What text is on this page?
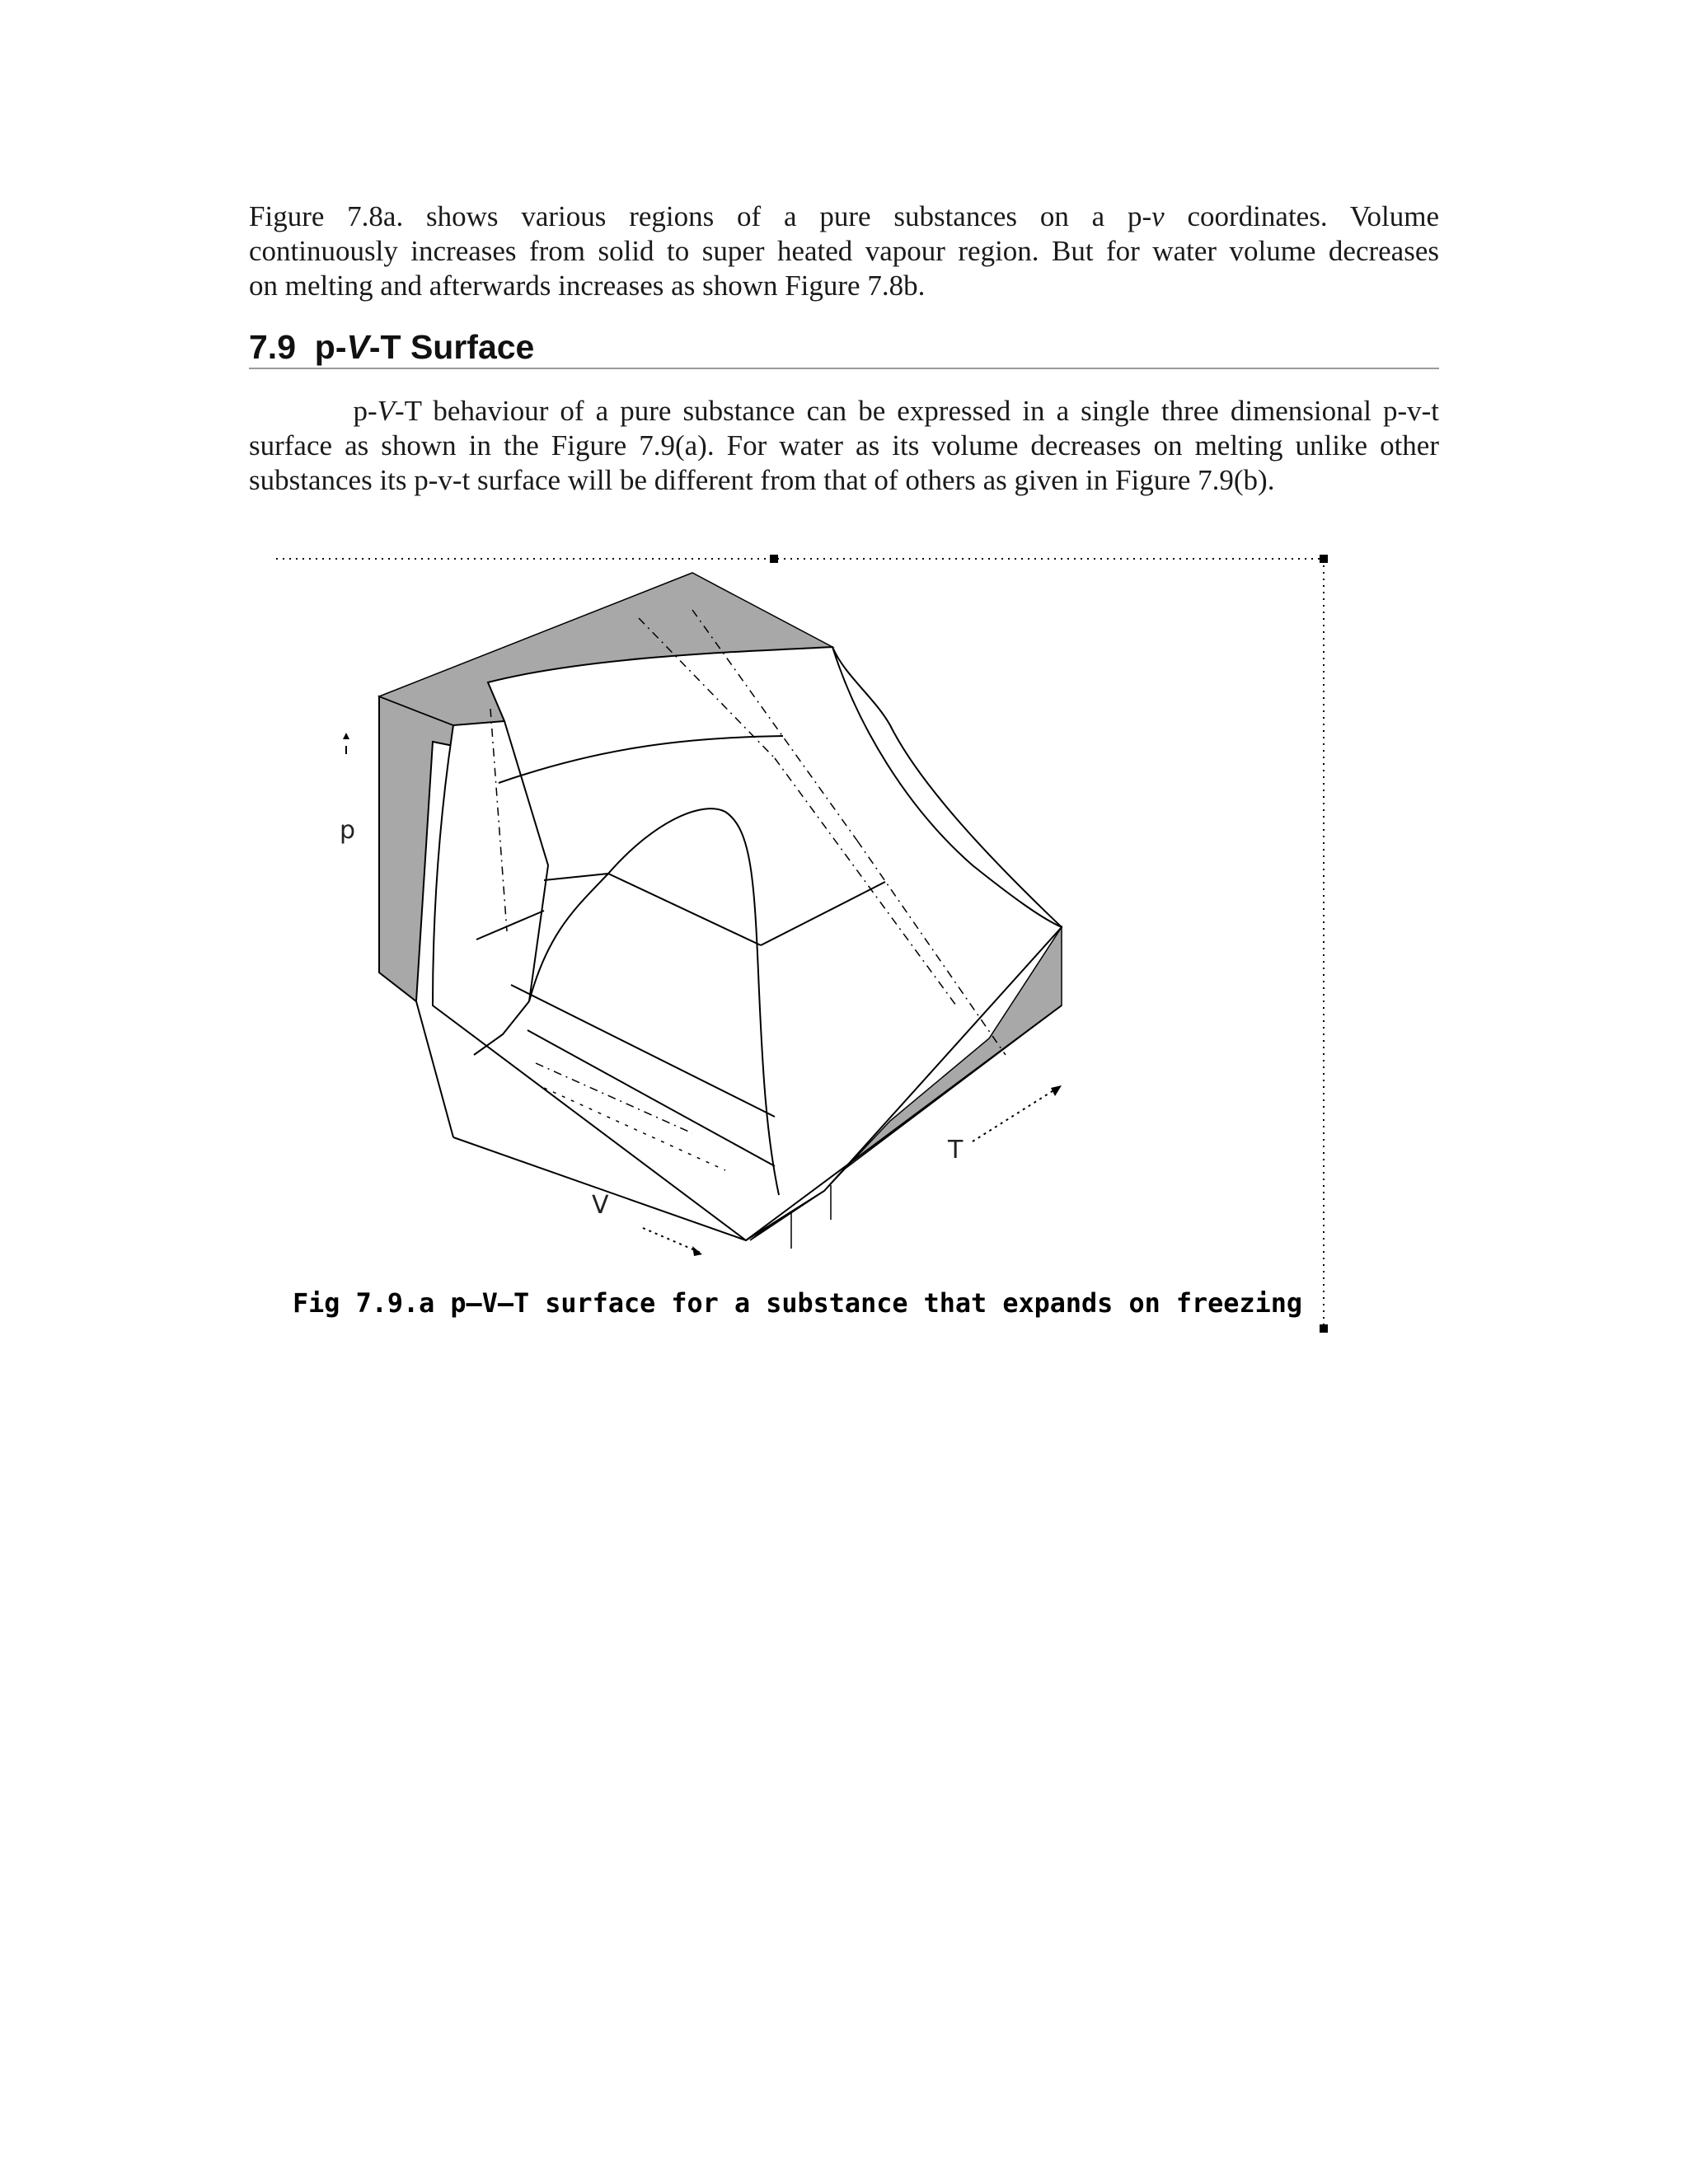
Figure 7.8a. shows various regions of a pure substances on a p-v coordinates. Volume
continuously increases from solid to super heated vapour region. But for water volume decreases
on melting and afterwards increases as shown Figure 7.8b.

7.9 p-V-T Surface

p-V-T behaviour of a pure substance can be expressed in a single three dimensional p-v-t
surface as shown in the Figure 7.9(a). For water as its volume decreases on melting unlike other
substances its p-v-t surface will be different from that of others as given in Figure 7.9(b).

p
V
T
Fig 7.9.a p–V–T surface for a substance that expands on freezing
